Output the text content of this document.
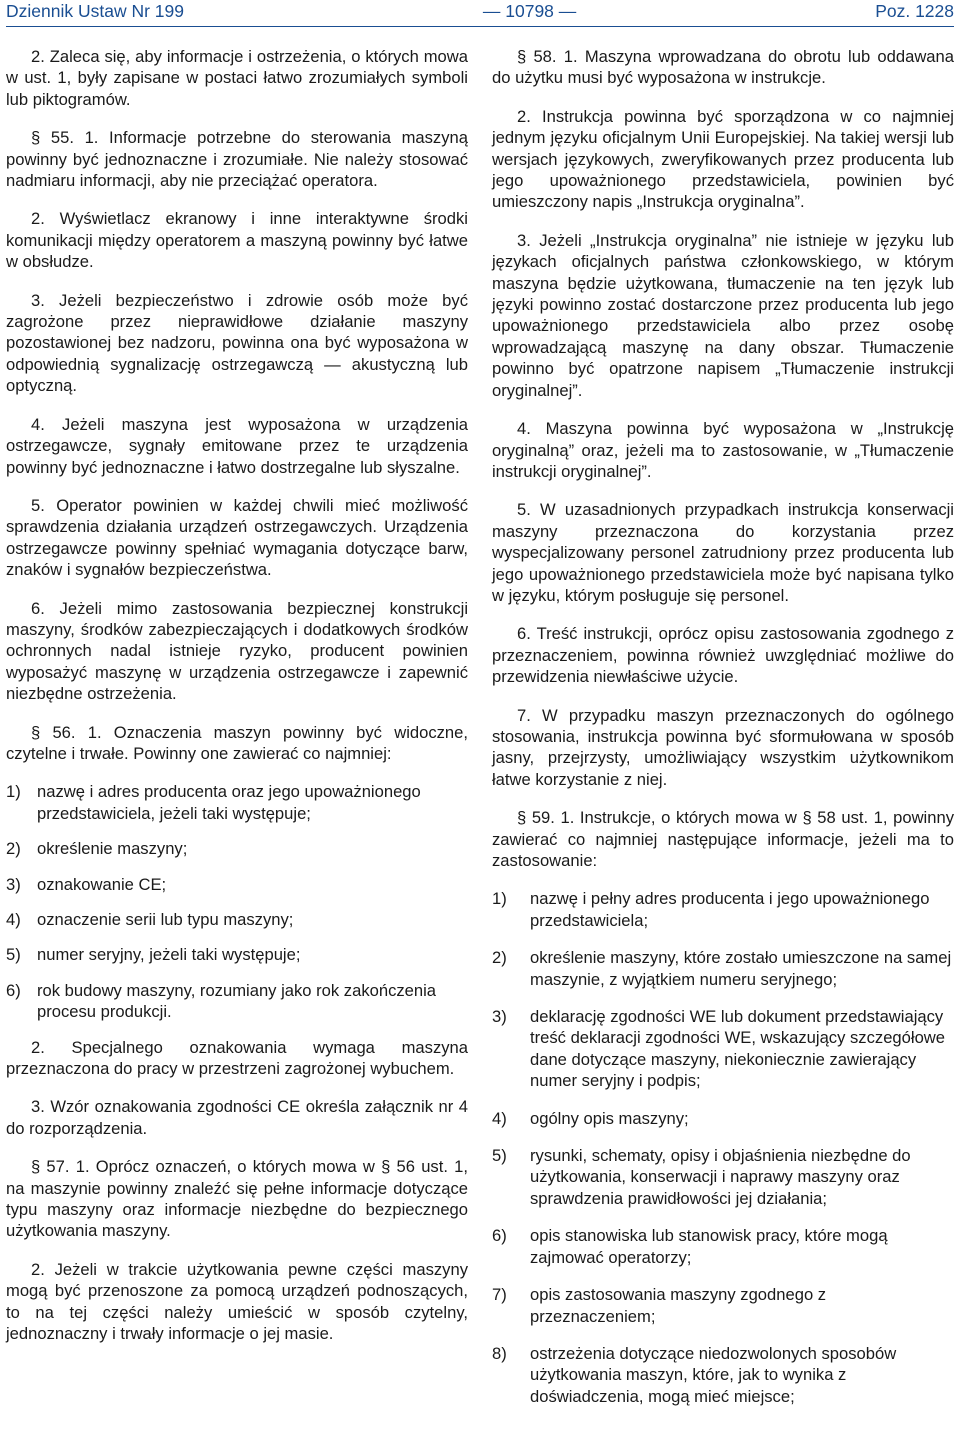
Dziennik Ustaw Nr 199	— 10798 —	Poz. 1228

2. Zaleca się, aby informacje i ostrzeżenia, o których mowa w ust. 1, były zapisane w postaci łatwo zrozumiałych symboli lub piktogramów.

§ 55. 1. Informacje potrzebne do sterowania maszyną powinny być jednoznaczne i zrozumiałe. Nie należy stosować nadmiaru informacji, aby nie przeciążać operatora.

2. Wyświetlacz ekranowy i inne interaktywne środki komunikacji między operatorem a maszyną powinny być łatwe w obsłudze.

3. Jeżeli bezpieczeństwo i zdrowie osób może być zagrożone przez nieprawidłowe działanie maszyny pozostawionej bez nadzoru, powinna ona być wyposażona w odpowiednią sygnalizację ostrzegawczą — akustyczną lub optyczną.

4. Jeżeli maszyna jest wyposażona w urządzenia ostrzegawcze, sygnały emitowane przez te urządzenia powinny być jednoznaczne i łatwo dostrzegalne lub słyszalne.

5. Operator powinien w każdej chwili mieć możliwość sprawdzenia działania urządzeń ostrzegawczych. Urządzenia ostrzegawcze powinny spełniać wymagania dotyczące barw, znaków i sygnałów bezpieczeństwa.

6. Jeżeli mimo zastosowania bezpiecznej konstrukcji maszyny, środków zabezpieczających i dodatkowych środków ochronnych nadal istnieje ryzyko, producent powinien wyposażyć maszynę w urządzenia ostrzegawcze i zapewnić niezbędne ostrzeżenia.

§ 56. 1. Oznaczenia maszyn powinny być widoczne, czytelne i trwałe. Powinny one zawierać co najmniej:

1) nazwę i adres producenta oraz jego upoważnionego przedstawiciela, jeżeli taki występuje;
2) określenie maszyny;
3) oznakowanie CE;
4) oznaczenie serii lub typu maszyny;
5) numer seryjny, jeżeli taki występuje;
6) rok budowy maszyny, rozumiany jako rok zakończenia procesu produkcji.

2. Specjalnego oznakowania wymaga maszyna przeznaczona do pracy w przestrzeni zagrożonej wybuchem.

3. Wzór oznakowania zgodności CE określa załącznik nr 4 do rozporządzenia.

§ 57. 1. Oprócz oznaczeń, o których mowa w § 56 ust. 1, na maszynie powinny znaleźć się pełne informacje dotyczące typu maszyny oraz informacje niezbędne do bezpiecznego użytkowania maszyny.

2. Jeżeli w trakcie użytkowania pewne części maszyny mogą być przenoszone za pomocą urządzeń podnoszących, to na tej części należy umieścić w sposób czytelny, jednoznaczny i trwały informacje o jej masie.

§ 58. 1. Maszyna wprowadzana do obrotu lub oddawana do użytku musi być wyposażona w instrukcje.

2. Instrukcja powinna być sporządzona w co najmniej jednym języku oficjalnym Unii Europejskiej. Na takiej wersji lub wersjach językowych, zweryfikowanych przez producenta lub jego upoważnionego przedstawiciela, powinien być umieszczony napis „Instrukcja oryginalna”.

3. Jeżeli „Instrukcja oryginalna” nie istnieje w języku lub językach oficjalnych państwa członkowskiego, w którym maszyna będzie użytkowana, tłumaczenie na ten język lub języki powinno zostać dostarczone przez producenta lub jego upoważnionego przedstawiciela albo przez osobę wprowadzającą maszynę na dany obszar. Tłumaczenie powinno być opatrzone napisem „Tłumaczenie instrukcji oryginalnej”.

4. Maszyna powinna być wyposażona w „Instrukcję oryginalną” oraz, jeżeli ma to zastosowanie, w „Tłumaczenie instrukcji oryginalnej”.

5. W uzasadnionych przypadkach instrukcja konserwacji maszyny przeznaczona do korzystania przez wyspecjalizowany personel zatrudniony przez producenta lub jego upoważnionego przedstawiciela może być napisana tylko w języku, którym posługuje się personel.

6. Treść instrukcji, oprócz opisu zastosowania zgodnego z przeznaczeniem, powinna również uwzględniać możliwe do przewidzenia niewłaściwe użycie.

7. W przypadku maszyn przeznaczonych do ogólnego stosowania, instrukcja powinna być sformułowana w sposób jasny, przejrzysty, umożliwiający wszystkim użytkownikom łatwe korzystanie z niej.

§ 59. 1. Instrukcje, o których mowa w § 58 ust. 1, powinny zawierać co najmniej następujące informacje, jeżeli ma to zastosowanie:

1)	nazwę i pełny adres producenta i jego upoważnionego przedstawiciela;
2)	określenie maszyny, które zostało umieszczone na samej maszynie, z wyjątkiem numeru seryjnego;
3)	deklarację zgodności WE lub dokument przedstawiający treść deklaracji zgodności WE, wskazujący szczegółowe dane dotyczące maszyny, niekoniecznie zawierający numer seryjny i podpis;
4)	ogólny opis maszyny;
5)	rysunki, schematy, opisy i objaśnienia niezbędne do użytkowania, konserwacji i naprawy maszyny oraz sprawdzenia prawidłowości jej działania;
6)	opis stanowiska lub stanowisk pracy, które mogą zajmować operatorzy;
7)	opis zastosowania maszyny zgodnego z przeznaczeniem;
8)	ostrzeżenia dotyczące niedozwolonych sposobów użytkowania maszyn, które, jak to wynika z doświadczenia, mogą mieć miejsce;
